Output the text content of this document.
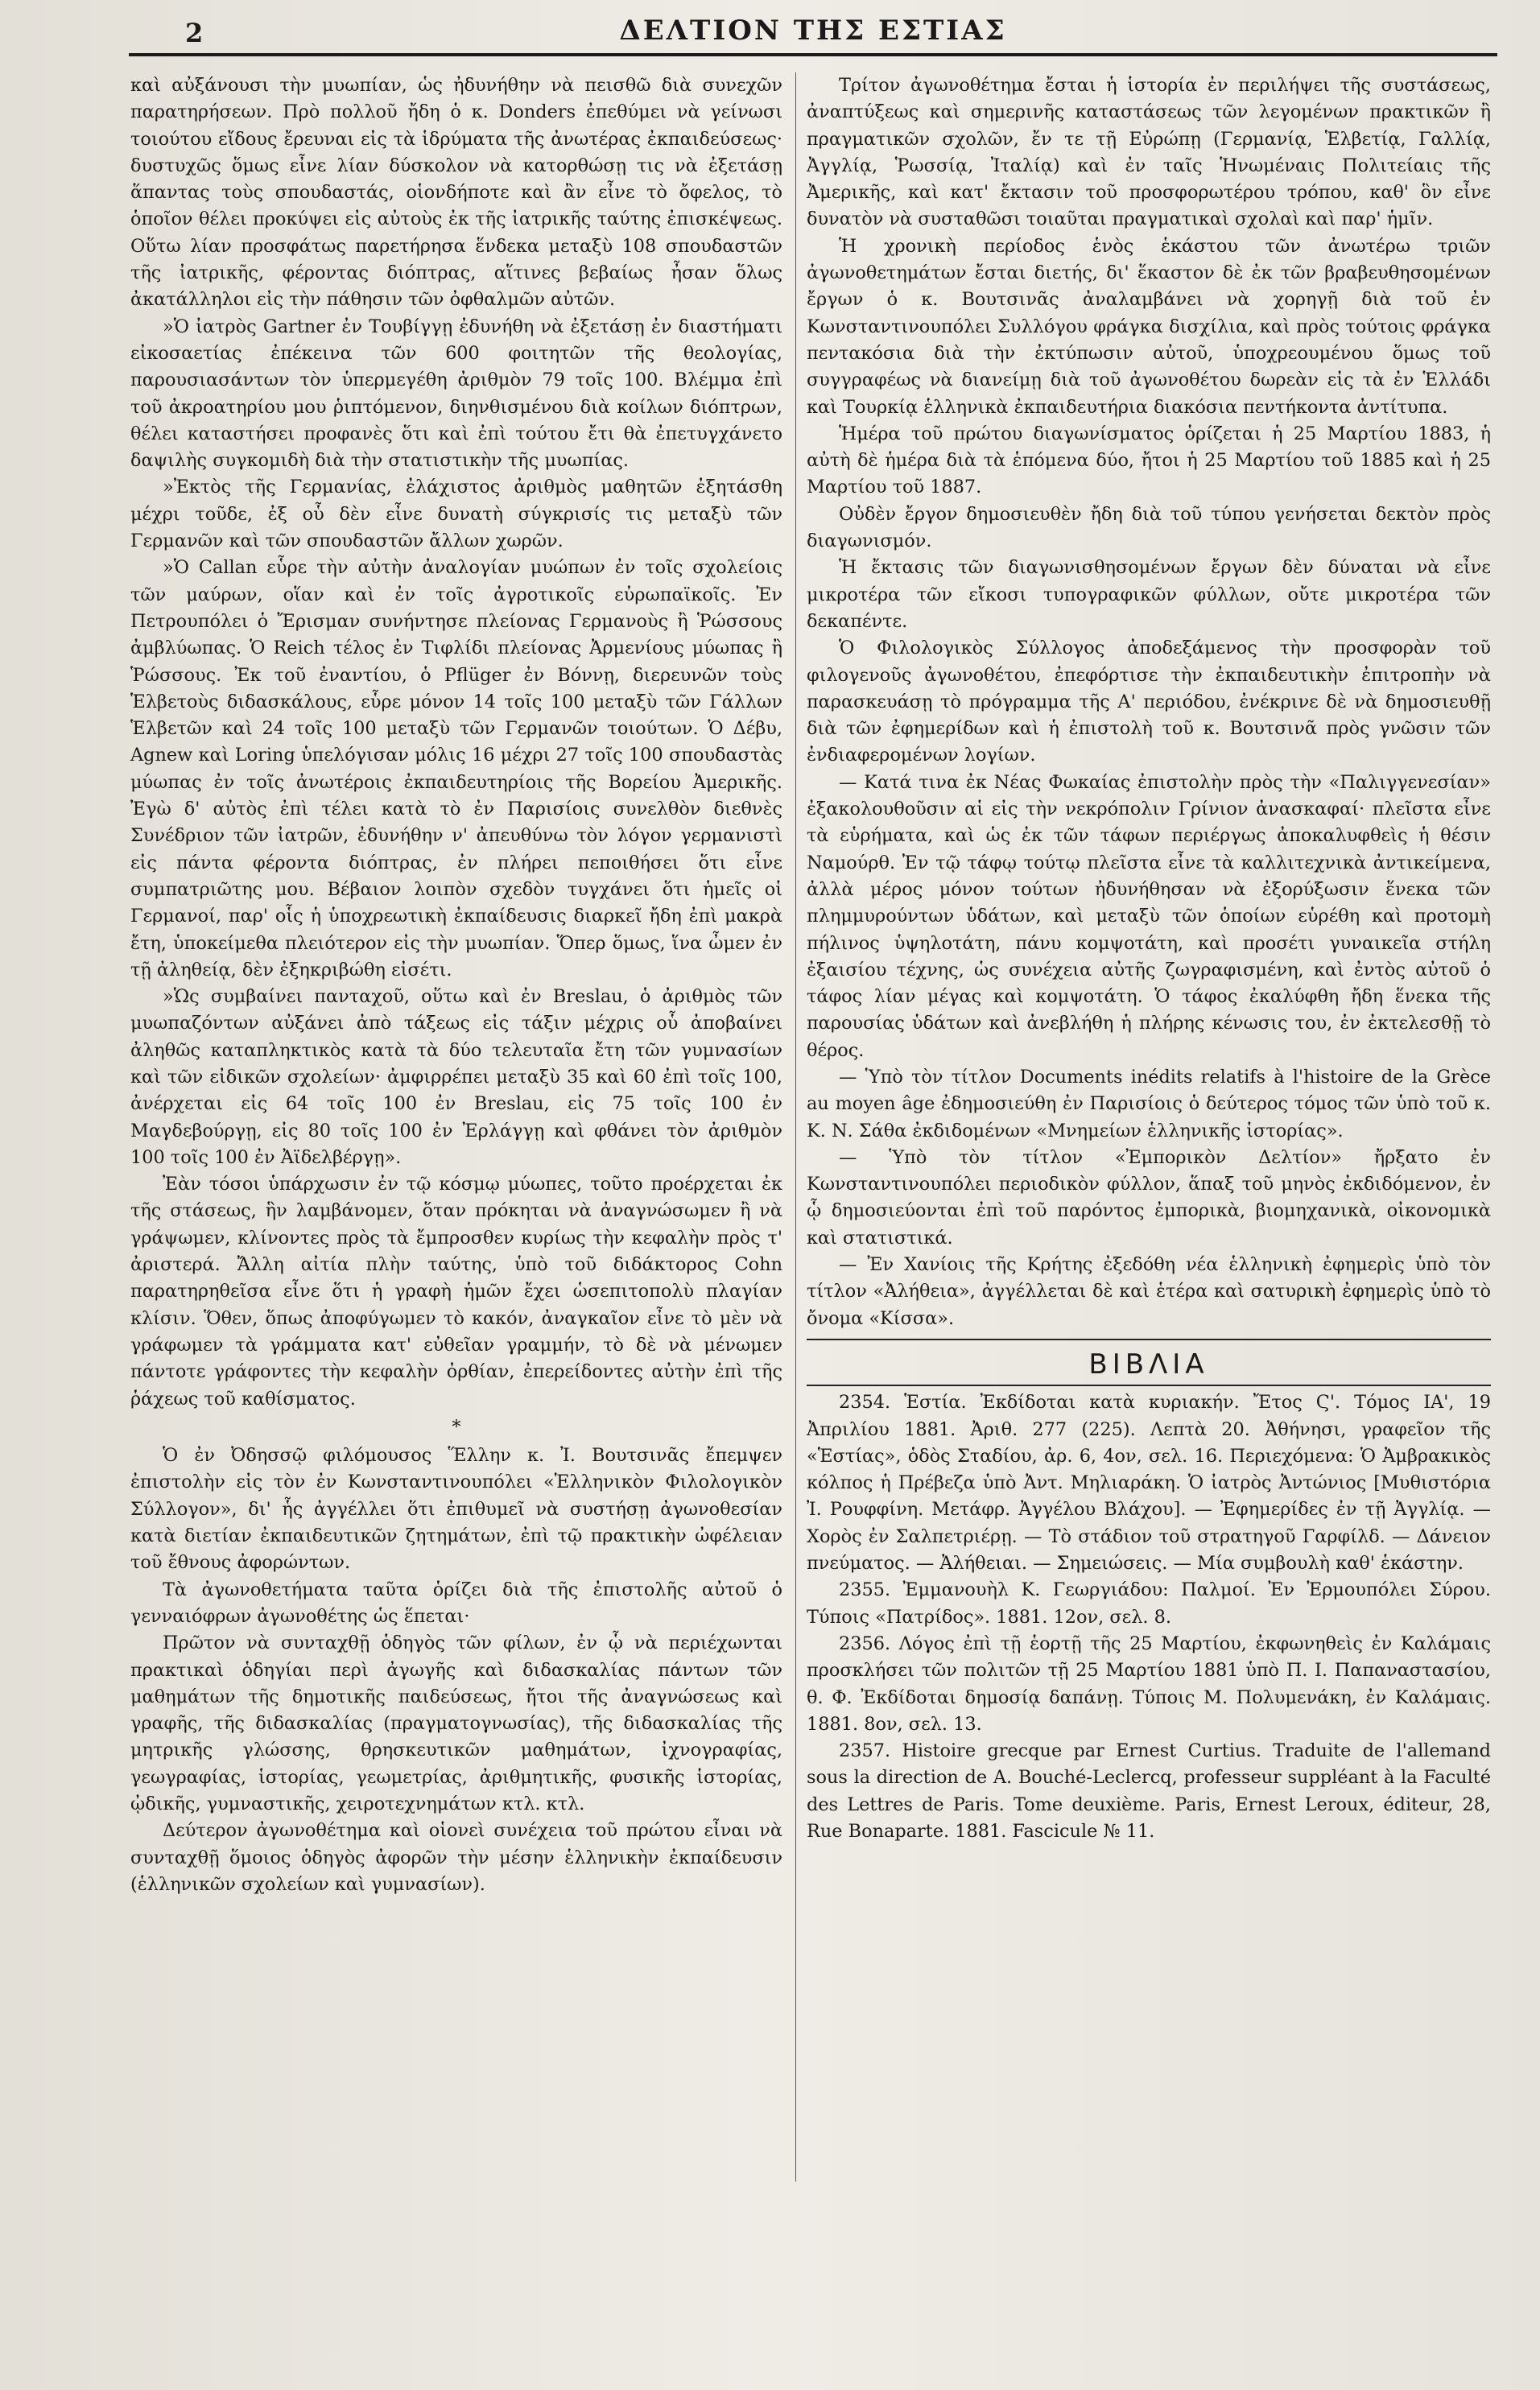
2	ΔΕΛΤΙΟΝ ΤΗΣ ΕΣΤΙΑΣ

καὶ αὐξάνουσι τὴν μυωπίαν, ὡς ἠδυνήθην νὰ πεισθῶ διὰ συνεχῶν παρατηρήσεων. Πρὸ πολλοῦ ἤδη ὁ κ. Donders ἐπεθύμει νὰ γείνωσι τοιούτου εἴδους ἔρευναι εἰς τὰ ἱδρύματα τῆς ἀνωτέρας ἐκπαιδεύσεως· δυστυχῶς ὅμως εἶνε λίαν δύσκολον νὰ κατορθώσῃ τις νὰ ἐξετάσῃ ἅπαντας τοὺς σπουδαστάς, οἱονδήποτε καὶ ἂν εἶνε τὸ ὄφελος, τὸ ὁποῖον θέλει προκύψει εἰς αὐτοὺς ἐκ τῆς ἰατρικῆς ταύτης ἐπισκέψεως. Οὕτω λίαν προσφάτως παρετήρησα ἕνδεκα μεταξὺ 108 σπουδαστῶν τῆς ἰατρικῆς, φέροντας διόπτρας, αἵτινες βεβαίως ἦσαν ὅλως ἀκατάλληλοι εἰς τὴν πάθησιν τῶν ὀφθαλμῶν αὐτῶν.

»Ὁ ἰατρὸς Gartner ἐν Τουβίγγῃ ἐδυνήθη νὰ ἐξετάσῃ ἐν διαστήματι εἰκοσαετίας ἐπέκεινα τῶν 600 φοιτητῶν τῆς θεολογίας, παρουσιασάντων τὸν ὑπερμεγέθη ἀριθμὸν 79 τοῖς 100. Βλέμμα ἐπὶ τοῦ ἀκροατηρίου μου ῥιπτόμενον, διηνθισμένου διὰ κοίλων διόπτρων, θέλει καταστήσει προφανὲς ὅτι καὶ ἐπὶ τούτου ἔτι θὰ ἐπετυγχάνετο δαψιλὴς συγκομιδὴ διὰ τὴν στατιστικὴν τῆς μυωπίας.

»Ἐκτὸς τῆς Γερμανίας, ἐλάχιστος ἀριθμὸς μαθητῶν ἐξητάσθη μέχρι τοῦδε, ἐξ οὗ δὲν εἶνε δυνατὴ σύγκρισίς τις μεταξὺ τῶν Γερμανῶν καὶ τῶν σπουδαστῶν ἄλλων χωρῶν.

»Ὁ Callan εὗρε τὴν αὐτὴν ἀναλογίαν μυώπων ἐν τοῖς σχολείοις τῶν μαύρων, οἵαν καὶ ἐν τοῖς ἀγροτικοῖς εὐρωπαϊκοῖς. Ἐν Πετρουπόλει ὁ Ἔρισμαν συνήντησε πλείονας Γερμανοὺς ἢ Ῥώσσους ἀμβλύωπας. Ὁ Reich τέλος ἐν Τιφλίδι πλείονας Ἀρμενίους μύωπας ἢ Ῥώσσους. Ἐκ τοῦ ἐναντίου, ὁ Pflüger ἐν Βόννῃ, διερευνῶν τοὺς Ἑλβετοὺς διδασκάλους, εὗρε μόνον 14 τοῖς 100 μεταξὺ τῶν Γάλλων Ἑλβετῶν καὶ 24 τοῖς 100 μεταξὺ τῶν Γερμανῶν τοιούτων. Ὁ Δέβυ, Agnew καὶ Loring ὑπελόγισαν μόλις 16 μέχρι 27 τοῖς 100 σπουδαστὰς μύωπας ἐν τοῖς ἀνωτέροις ἐκπαιδευτηρίοις τῆς Βορείου Ἀμερικῆς. Ἐγὼ δ' αὐτὸς ἐπὶ τέλει κατὰ τὸ ἐν Παρισίοις συνελθὸν διεθνὲς Συνέδριον τῶν ἰατρῶν, ἐδυνήθην ν' ἀπευθύνω τὸν λόγον γερμανιστὶ εἰς πάντα φέροντα διόπτρας, ἐν πλήρει πεποιθήσει ὅτι εἶνε συμπατριῶτης μου. Βέβαιον λοιπὸν σχεδὸν τυγχάνει ὅτι ἡμεῖς οἱ Γερμανοί, παρ' οἷς ἡ ὑποχρεωτικὴ ἐκπαίδευσις διαρκεῖ ἤδη ἐπὶ μακρὰ ἔτη, ὑποκείμεθα πλειότερον εἰς τὴν μυωπίαν. Ὅπερ ὅμως, ἵνα ὦμεν ἐν τῇ ἀληθείᾳ, δὲν ἐξηκριβώθη εἰσέτι.

»Ὡς συμβαίνει πανταχοῦ, οὕτω καὶ ἐν Breslau, ὁ ἀριθμὸς τῶν μυωπαζόντων αὐξάνει ἀπὸ τάξεως εἰς τάξιν μέχρις οὗ ἀποβαίνει ἀληθῶς καταπληκτικὸς κατὰ τὰ δύο τελευταῖα ἔτη τῶν γυμνασίων καὶ τῶν εἰδικῶν σχολείων· ἀμφιρρέπει μεταξὺ 35 καὶ 60 ἐπὶ τοῖς 100, ἀνέρχεται εἰς 64 τοῖς 100 ἐν Breslau, εἰς 75 τοῖς 100 ἐν Μαγδεβούργῃ, εἰς 80 τοῖς 100 ἐν Ἐρλάγγῃ καὶ φθάνει τὸν ἀριθμὸν 100 τοῖς 100 ἐν Ἀϊδελβέργῃ».

Ἐὰν τόσοι ὑπάρχωσιν ἐν τῷ κόσμῳ μύωπες, τοῦτο προέρχεται ἐκ τῆς στάσεως, ἣν λαμβάνομεν, ὅταν πρόκηται νὰ ἀναγνώσωμεν ἢ νὰ γράψωμεν, κλίνοντες πρὸς τὰ ἔμπροσθεν κυρίως τὴν κεφαλὴν πρὸς τ' ἀριστερά. Ἄλλη αἰτία πλὴν ταύτης, ὑπὸ τοῦ διδάκτορος Cohn παρατηρηθεῖσα εἶνε ὅτι ἡ γραφὴ ἡμῶν ἔχει ὡσεπιτοπολὺ πλαγίαν κλίσιν. Ὅθεν, ὅπως ἀποφύγωμεν τὸ κακόν, ἀναγκαῖον εἶνε τὸ μὲν νὰ γράφωμεν τὰ γράμματα κατ' εὐθεῖαν γραμμήν, τὸ δὲ νὰ μένωμεν πάντοτε γράφοντες τὴν κεφαλὴν ὀρθίαν, ἐπερείδοντες αὐτὴν ἐπὶ τῆς ῥάχεως τοῦ καθίσματος.

*

Ὁ ἐν Ὀδησσῷ φιλόμουσος Ἕλλην κ. Ἰ. Βουτσινᾶς ἔπεμψεν ἐπιστολὴν εἰς τὸν ἐν Κωνσταντινουπόλει «Ἑλληνικὸν Φιλολογικὸν Σύλλογον», δι' ἧς ἀγγέλλει ὅτι ἐπιθυμεῖ νὰ συστήσῃ ἀγωνοθεσίαν κατὰ διετίαν ἐκπαιδευτικῶν ζητημάτων, ἐπὶ τῷ πρακτικὴν ὠφέλειαν τοῦ ἔθνους ἀφορώντων.

Τὰ ἀγωνοθετήματα ταῦτα ὁρίζει διὰ τῆς ἐπιστολῆς αὐτοῦ ὁ γενναιόφρων ἀγωνοθέτης ὡς ἕπεται·

Πρῶτον νὰ συνταχθῇ ὁδηγὸς τῶν φίλων, ἐν ᾧ νὰ περιέχωνται πρακτικαὶ ὁδηγίαι περὶ ἀγωγῆς καὶ διδασκαλίας πάντων τῶν μαθημάτων τῆς δημοτικῆς παιδεύσεως, ἤτοι τῆς ἀναγνώσεως καὶ γραφῆς, τῆς διδασκαλίας (πραγματογνωσίας), τῆς διδασκαλίας τῆς μητρικῆς γλώσσης, θρησκευτικῶν μαθημάτων, ἰχνογραφίας, γεωγραφίας, ἱστορίας, γεωμετρίας, ἀριθμητικῆς, φυσικῆς ἱστορίας, ᾠδικῆς, γυμναστικῆς, χειροτεχνημάτων κτλ. κτλ.

Δεύτερον ἀγωνοθέτημα καὶ οἱονεὶ συνέχεια τοῦ πρώτου εἶναι νὰ συνταχθῇ ὅμοιος ὁδηγὸς ἀφορῶν τὴν μέσην ἑλληνικὴν ἐκπαίδευσιν (ἑλληνικῶν σχολείων καὶ γυμνασίων).

Τρίτον ἀγωνοθέτημα ἔσται ἡ ἱστορία ἐν περιλήψει τῆς συστάσεως, ἀναπτύξεως καὶ σημερινῆς καταστάσεως τῶν λεγομένων πρακτικῶν ἢ πραγματικῶν σχολῶν, ἔν τε τῇ Εὐρώπῃ (Γερμανίᾳ, Ἑλβετίᾳ, Γαλλίᾳ, Ἀγγλίᾳ, Ῥωσσίᾳ, Ἰταλίᾳ) καὶ ἐν ταῖς Ἡνωμέναις Πολιτείαις τῆς Ἀμερικῆς, καὶ κατ' ἔκτασιν τοῦ προσφορωτέρου τρόπου, καθ' ὃν εἶνε δυνατὸν νὰ συσταθῶσι τοιαῦται πραγματικαὶ σχολαὶ καὶ παρ' ἡμῖν.

Ἡ χρονικὴ περίοδος ἑνὸς ἑκάστου τῶν ἀνωτέρω τριῶν ἀγωνοθετημάτων ἔσται διετής, δι' ἕκαστον δὲ ἐκ τῶν βραβευθησομένων ἔργων ὁ κ. Βουτσινᾶς ἀναλαμβάνει νὰ χορηγῇ διὰ τοῦ ἐν Κωνσταντινουπόλει Συλλόγου φράγκα δισχίλια, καὶ πρὸς τούτοις φράγκα πεντακόσια διὰ τὴν ἐκτύπωσιν αὐτοῦ, ὑποχρεουμένου ὅμως τοῦ συγγραφέως νὰ διανείμῃ διὰ τοῦ ἀγωνοθέτου δωρεὰν εἰς τὰ ἐν Ἑλλάδι καὶ Τουρκίᾳ ἑλληνικὰ ἐκπαιδευτήρια διακόσια πεντήκοντα ἀντίτυπα.

Ἡμέρα τοῦ πρώτου διαγωνίσματος ὁρίζεται ἡ 25 Μαρτίου 1883, ἡ αὐτὴ δὲ ἡμέρα διὰ τὰ ἑπόμενα δύο, ἤτοι ἡ 25 Μαρτίου τοῦ 1885 καὶ ἡ 25 Μαρτίου τοῦ 1887.

Οὐδὲν ἔργον δημοσιευθὲν ἤδη διὰ τοῦ τύπου γενήσεται δεκτὸν πρὸς διαγωνισμόν.

Ἡ ἔκτασις τῶν διαγωνισθησομένων ἔργων δὲν δύναται νὰ εἶνε μικροτέρα τῶν εἴκοσι τυπογραφικῶν φύλλων, οὔτε μικροτέρα τῶν δεκαπέντε.

Ὁ Φιλολογικὸς Σύλλογος ἀποδεξάμενος τὴν προσφορὰν τοῦ φιλογενοῦς ἀγωνοθέτου, ἐπεφόρτισε τὴν ἐκπαιδευτικὴν ἐπιτροπὴν νὰ παρασκευάσῃ τὸ πρόγραμμα τῆς Α' περιόδου, ἐνέκρινε δὲ νὰ δημοσιευθῇ διὰ τῶν ἐφημερίδων καὶ ἡ ἐπιστολὴ τοῦ κ. Βουτσινᾶ πρὸς γνῶσιν τῶν ἐνδιαφερομένων λογίων.

— Κατά τινα ἐκ Νέας Φωκαίας ἐπιστολὴν πρὸς τὴν «Παλιγγενεσίαν» ἐξακολουθοῦσιν αἱ εἰς τὴν νεκρόπολιν Γρίνιον ἀνασκαφαί· πλεῖστα εἶνε τὰ εὑρήματα, καὶ ὡς ἐκ τῶν τάφων περιέργως ἀποκαλυφθεὶς ἡ θέσιν Ναμούρθ. Ἐν τῷ τάφῳ τούτῳ πλεῖστα εἶνε τὰ καλλιτεχνικὰ ἀντικείμενα, ἀλλὰ μέρος μόνον τούτων ἠδυνήθησαν νὰ ἐξορύξωσιν ἕνεκα τῶν πλημμυρούντων ὑδάτων, καὶ μεταξὺ τῶν ὁποίων εὑρέθη καὶ προτομὴ πήλινος ὑψηλοτάτη, πάνυ κομψοτάτη, καὶ προσέτι γυναικεῖα στήλη ἐξαισίου τέχνης, ὡς συνέχεια αὐτῆς ζωγραφισμένη, καὶ ἐντὸς αὐτοῦ ὁ τάφος λίαν μέγας καὶ κομψοτάτη. Ὁ τάφος ἐκαλύφθη ἤδη ἕνεκα τῆς παρουσίας ὑδάτων καὶ ἀνεβλήθη ἡ πλήρης κένωσις του, ἐν ἐκτελεσθῇ τὸ θέρος.

— Ὑπὸ τὸν τίτλον Documents inédits relatifs à l'histoire de la Grèce au moyen âge ἐδημοσιεύθη ἐν Παρισίοις ὁ δεύτερος τόμος τῶν ὑπὸ τοῦ κ. Κ. Ν. Σάθα ἐκδιδομένων «Μνημείων ἑλληνικῆς ἱστορίας».

— Ὑπὸ τὸν τίτλον «Ἐμπορικὸν Δελτίον» ἤρξατο ἐν Κωνσταντινουπόλει περιοδικὸν φύλλον, ἅπαξ τοῦ μηνὸς ἐκδιδόμενον, ἐν ᾧ δημοσιεύονται ἐπὶ τοῦ παρόντος ἐμπορικὰ, βιομηχανικὰ, οἰκονομικὰ καὶ στατιστικά.

— Ἐν Χανίοις τῆς Κρήτης ἐξεδόθη νέα ἑλληνικὴ ἐφημερὶς ὑπὸ τὸν τίτλον «Ἀλήθεια», ἀγγέλλεται δὲ καὶ ἑτέρα καὶ σατυρικὴ ἐφημερὶς ὑπὸ τὸ ὄνομα «Κίσσα».

ΒΙΒΛΙΑ

2354. Ἑστία. Ἐκδίδοται κατὰ κυριακήν. Ἔτος Ϛ'. Τόμος ΙΑ', 19 Ἀπριλίου 1881. Ἀριθ. 277 (225). Λεπτὰ 20. Ἀθήνησι, γραφεῖον τῆς «Ἑστίας», ὁδὸς Σταδίου, ἀρ. 6, 4ον, σελ. 16. Περιεχόμενα: Ὁ Ἀμβρακικὸς κόλπος ἡ Πρέβεζα ὑπὸ Ἀντ. Μηλιαράκη. Ὁ ἰατρὸς Ἀντώνιος [Μυθιστόρια Ἰ. Ρουφφίνη. Μετάφρ. Ἀγγέλου Βλάχου]. — Ἐφημερίδες ἐν τῇ Ἀγγλίᾳ. — Χορὸς ἐν Σαλπετριέρῃ. — Τὸ στάδιον τοῦ στρατηγοῦ Γαρφίλδ. — Δάνειον πνεύματος. — Ἀλήθειαι. — Σημειώσεις. — Μία συμβουλὴ καθ' ἑκάστην.

2355. Ἐμμανουὴλ Κ. Γεωργιάδου: Παλμοί. Ἐν Ἑρμουπόλει Σύρου. Τύποις «Πατρίδος». 1881. 12ον, σελ. 8.

2356. Λόγος ἐπὶ τῇ ἑορτῇ τῆς 25 Μαρτίου, ἐκφωνηθεὶς ἐν Καλάμαις προσκλήσει τῶν πολιτῶν τῇ 25 Μαρτίου 1881 ὑπὸ Π. Ι. Παπαναστασίου, θ. Φ. Ἐκδίδοται δημοσίᾳ δαπάνῃ. Τύποις Μ. Πολυμενάκη, ἐν Καλάμαις. 1881. 8ον, σελ. 13.

2357. Histoire grecque par Ernest Curtius. Traduite de l'allemand sous la direction de A. Bouché-Leclercq, professeur suppléant à la Faculté des Lettres de Paris. Tome deuxième. Paris, Ernest Leroux, éditeur, 28, Rue Bonaparte. 1881. Fascicule № 11.
